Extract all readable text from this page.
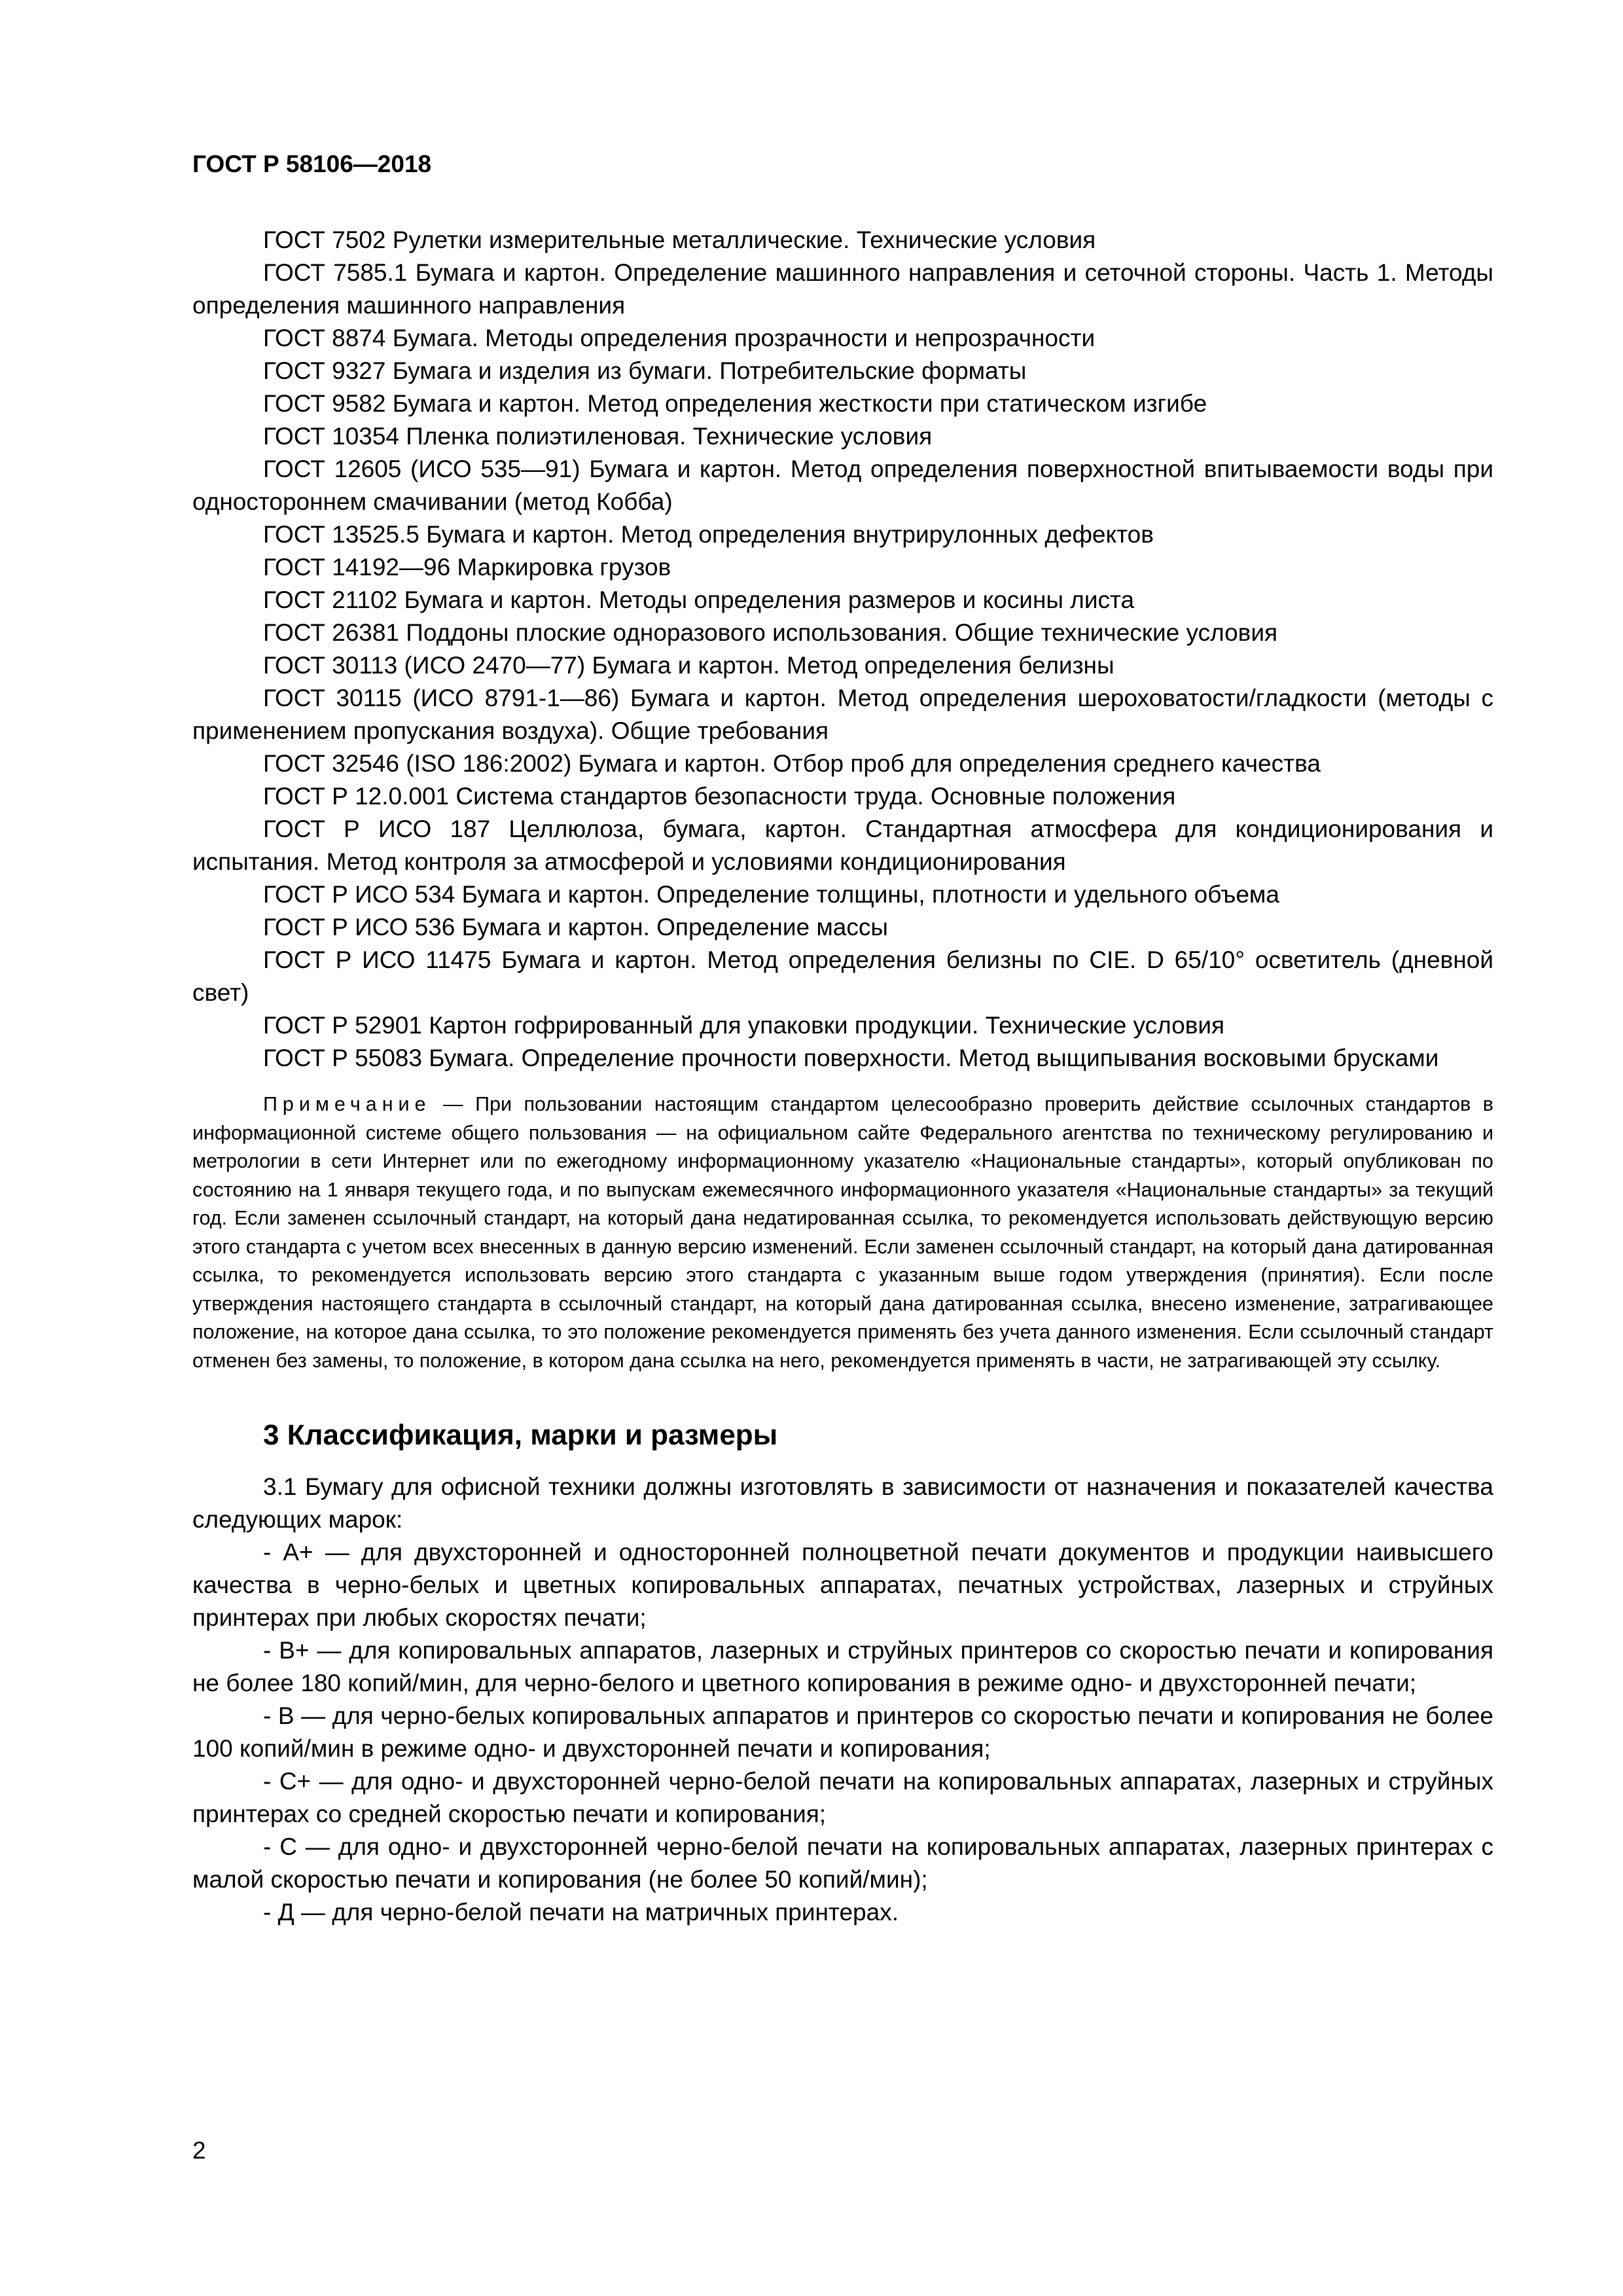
ГОСТ Р 58106—2018

ГОСТ 7502 Рулетки измерительные металлические. Технические условия

ГОСТ 7585.1 Бумага и картон. Определение машинного направления и сеточной стороны. Часть 1. Методы определения машинного направления

ГОСТ 8874 Бумага. Методы определения прозрачности и непрозрачности

ГОСТ 9327 Бумага и изделия из бумаги. Потребительские форматы

ГОСТ 9582 Бумага и картон. Метод определения жесткости при статическом изгибе

ГОСТ 10354 Пленка полиэтиленовая. Технические условия

ГОСТ 12605 (ИСО 535—91) Бумага и картон. Метод определения поверхностной впитываемости воды при одностороннем смачивании (метод Кобба)

ГОСТ 13525.5 Бумага и картон. Метод определения внутрирулонных дефектов

ГОСТ 14192—96 Маркировка грузов

ГОСТ 21102 Бумага и картон. Методы определения размеров и косины листа

ГОСТ 26381 Поддоны плоские одноразового использования. Общие технические условия

ГОСТ 30113 (ИСО 2470—77) Бумага и картон. Метод определения белизны

ГОСТ 30115 (ИСО 8791-1—86) Бумага и картон. Метод определения шероховатости/гладкости (методы с применением пропускания воздуха). Общие требования

ГОСТ 32546 (ISO 186:2002) Бумага и картон. Отбор проб для определения среднего качества

ГОСТ Р 12.0.001 Система стандартов безопасности труда. Основные положения

ГОСТ Р ИСО 187 Целлюлоза, бумага, картон. Стандартная атмосфера для кондиционирования и испытания. Метод контроля за атмосферой и условиями кондиционирования

ГОСТ Р ИСО 534 Бумага и картон. Определение толщины, плотности и удельного объема

ГОСТ Р ИСО 536 Бумага и картон. Определение массы

ГОСТ Р ИСО 11475 Бумага и картон. Метод определения белизны по CIE. D 65/10° осветитель (дневной свет)

ГОСТ Р 52901 Картон гофрированный для упаковки продукции. Технические условия

ГОСТ Р 55083 Бумага. Определение прочности поверхности. Метод выщипывания восковыми брусками

Примечание — При пользовании настоящим стандартом целесообразно проверить действие ссылочных стандартов в информационной системе общего пользования — на официальном сайте Федерального агентства по техническому регулированию и метрологии в сети Интернет или по ежегодному информационному указателю «Национальные стандарты», который опубликован по состоянию на 1 января текущего года, и по выпускам ежемесячного информационного указателя «Национальные стандарты» за текущий год. Если заменен ссылочный стандарт, на который дана недатированная ссылка, то рекомендуется использовать действующую версию этого стандарта с учетом всех внесенных в данную версию изменений. Если заменен ссылочный стандарт, на который дана датированная ссылка, то рекомендуется использовать версию этого стандарта с указанным выше годом утверждения (принятия). Если после утверждения настоящего стандарта в ссылочный стандарт, на который дана датированная ссылка, внесено изменение, затрагивающее положение, на которое дана ссылка, то это положение рекомендуется применять без учета данного изменения. Если ссылочный стандарт отменен без замены, то положение, в котором дана ссылка на него, рекомендуется применять в части, не затрагивающей эту ссылку.
3 Классификация, марки и размеры

3.1 Бумагу для офисной техники должны изготовлять в зависимости от назначения и показателей качества следующих марок:

- А+ — для двухсторонней и односторонней полноцветной печати документов и продукции наивысшего качества в черно-белых и цветных копировальных аппаратах, печатных устройствах, лазерных и струйных принтерах при любых скоростях печати;

- В+ — для копировальных аппаратов, лазерных и струйных принтеров со скоростью печати и копирования не более 180 копий/мин, для черно-белого и цветного копирования в режиме одно- и двухсторонней печати;

- В — для черно-белых копировальных аппаратов и принтеров со скоростью печати и копирования не более 100 копий/мин в режиме одно- и двухсторонней печати и копирования;

- С+ — для одно- и двухсторонней черно-белой печати на копировальных аппаратах, лазерных и струйных принтерах со средней скоростью печати и копирования;

- С — для одно- и двухсторонней черно-белой печати на копировальных аппаратах, лазерных принтерах с малой скоростью печати и копирования (не более 50 копий/мин);

- Д — для черно-белой печати на матричных принтерах.

2
